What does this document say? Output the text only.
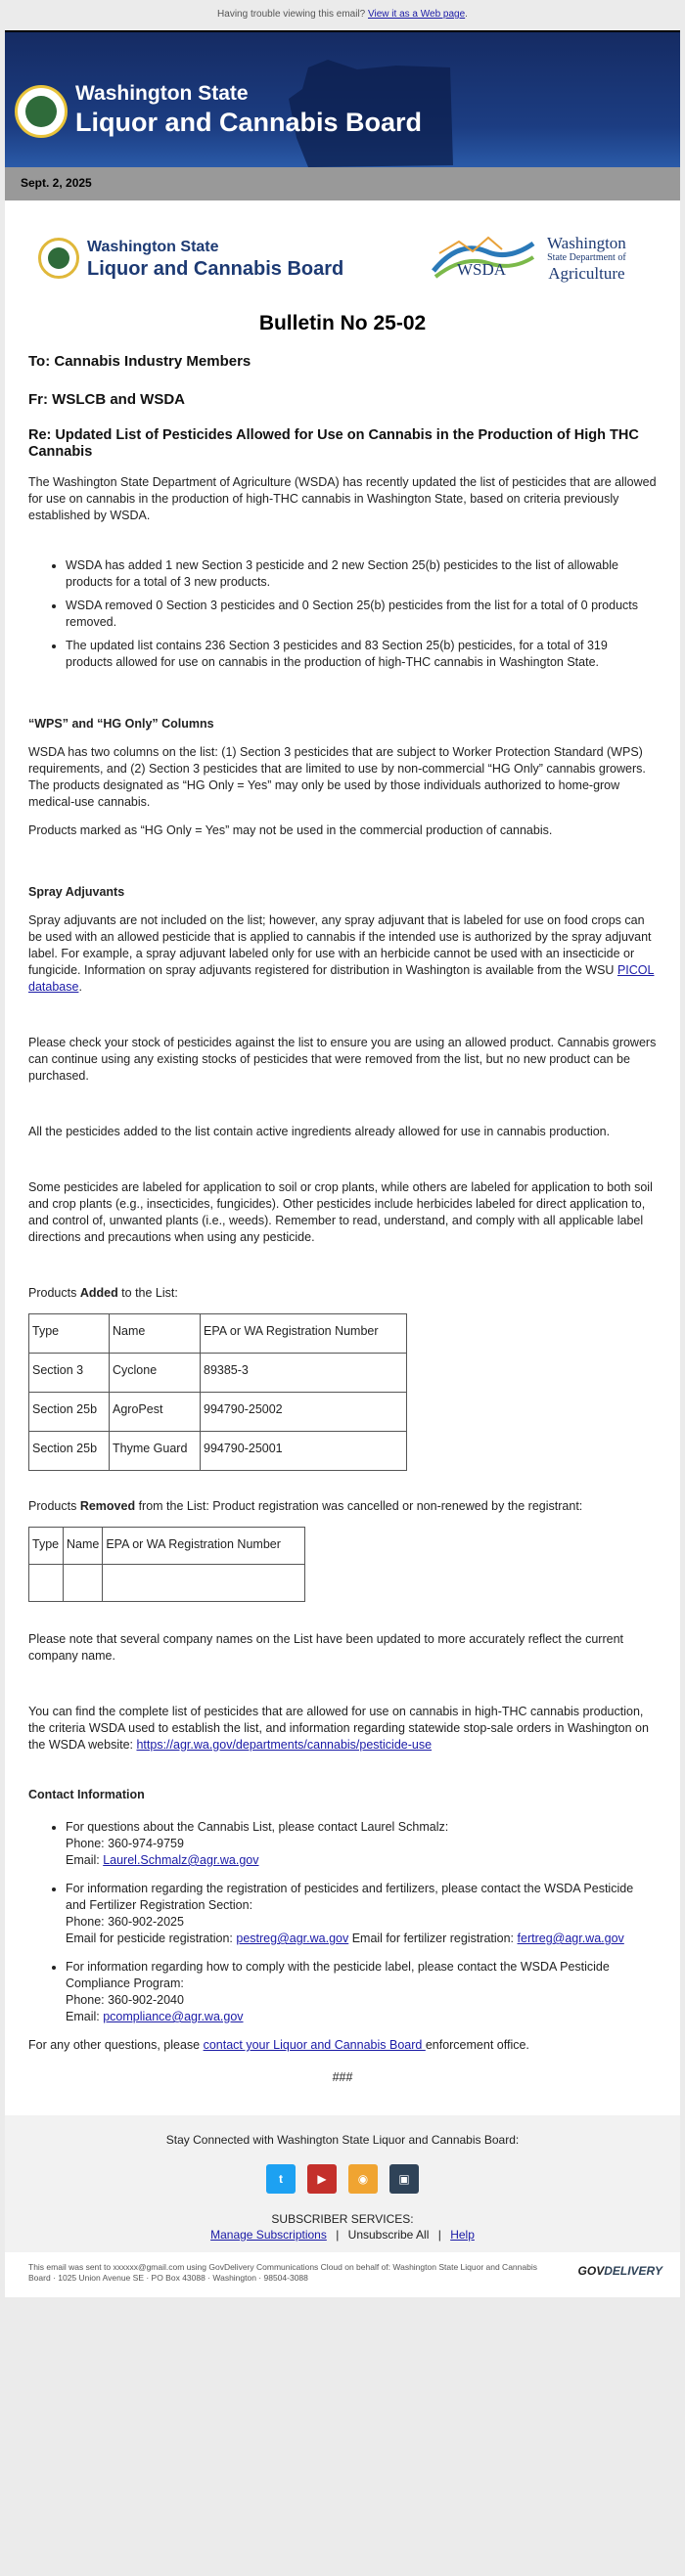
Having trouble viewing this email? View it as a Web page.
Washington State
Liquor and Cannabis Board
Sept. 2, 2025
Washington State
Liquor and Cannabis Board	WSDA
Washington
State Department of
Agriculture
Bulletin No 25-02
To: Cannabis Industry Members
Fr: WSLCB and WSDA
Re: Updated List of Pesticides Allowed for Use on Cannabis in the Production of High THC Cannabis

The Washington State Department of Agriculture (WSDA) has recently updated the list of pesticides that are allowed for use on cannabis in the production of high-THC cannabis in Washington State, based on criteria previously established by WSDA.

• WSDA has added 1 new Section 3 pesticide and 2 new Section 25(b) pesticides to the list of allowable products for a total of 3 new products.
• WSDA removed 0 Section 3 pesticides and 0 Section 25(b) pesticides from the list for a total of 0 products removed.
• The updated list contains 236 Section 3 pesticides and 83 Section 25(b) pesticides, for a total of 319 products allowed for use on cannabis in the production of high-THC cannabis in Washington State.
“WPS” and “HG Only” Columns

WSDA has two columns on the list: (1) Section 3 pesticides that are subject to Worker Protection Standard (WPS) requirements, and (2) Section 3 pesticides that are limited to use by non-commercial “HG Only” cannabis growers. The products designated as “HG Only = Yes” may only be used by those individuals authorized to home-grow medical-use cannabis.

Products marked as “HG Only = Yes” may not be used in the commercial production of cannabis.

Spray Adjuvants

Spray adjuvants are not included on the list; however, any spray adjuvant that is labeled for use on food crops can be used with an allowed pesticide that is applied to cannabis if the intended use is authorized by the spray adjuvant label. For example, a spray adjuvant labeled only for use with an herbicide cannot be used with an insecticide or fungicide. Information on spray adjuvants registered for distribution in Washington is available from the WSU PICOL database.

Please check your stock of pesticides against the list to ensure you are using an allowed product. Cannabis growers can continue using any existing stocks of pesticides that were removed from the list, but no new product can be purchased.

All the pesticides added to the list contain active ingredients already allowed for use in cannabis production.

Some pesticides are labeled for application to soil or crop plants, while others are labeled for application to both soil and crop plants (e.g., insecticides, fungicides). Other pesticides include herbicides labeled for direct application to, and control of, unwanted plants (i.e., weeds). Remember to read, understand, and comply with all applicable label directions and precautions when using any pesticide.

Products Added to the List:

Type	Name	EPA or WA Registration Number
Section 3	Cyclone	89385-3
Section 25b	AgroPest	994790-25002
Section 25b	Thyme Guard	994790-25001

Products Removed from the List: Product registration was cancelled or non-renewed by the registrant:

Type	Name	EPA or WA Registration Number

Please note that several company names on the List have been updated to more accurately reflect the current company name.

You can find the complete list of pesticides that are allowed for use on cannabis in high-THC cannabis production, the criteria WSDA used to establish the list, and information regarding statewide stop-sale orders in Washington on the WSDA website: https://agr.wa.gov/departments/cannabis/pesticide-use

Contact Information
• For questions about the Cannabis List, please contact Laurel Schmalz:
Phone: 360-974-9759
Email: Laurel.Schmalz@agr.wa.gov
• For information regarding the registration of pesticides and fertilizers, please contact the WSDA Pesticide and Fertilizer Registration Section:
Phone: 360-902-2025
Email for pesticide registration: pestreg@agr.wa.gov Email for fertilizer registration: fertreg@agr.wa.gov
• For information regarding how to comply with the pesticide label, please contact the WSDA Pesticide Compliance Program:
Phone: 360-902-2040
Email: pcompliance@agr.wa.gov

For any other questions, please contact your Liquor and Cannabis Board enforcement office.

###
Stay Connected with Washington State Liquor and Cannabis Board:
t	▶	◉	▣
SUBSCRIBER SERVICES:
Manage Subscriptions | Unsubscribe All | Help
This email was sent to xxxxxx@gmail.com using GovDelivery Communications Cloud on behalf of: Washington State Liquor and Cannabis Board · 1025 Union Avenue SE · PO Box 43088 · Washington · 98504-3088	GOVDELIVERY
